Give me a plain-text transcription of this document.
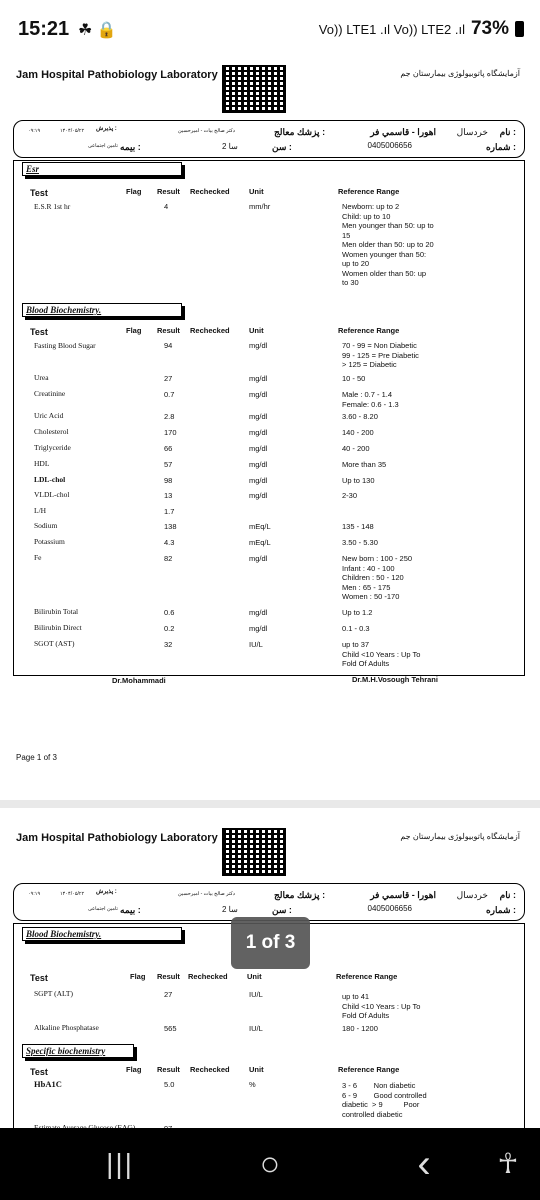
15:21 ☘ 🔒	Vo)) LTE1 .ıl Vo)) LTE2 .ıl 73%
Jam Hospital Pathobiology Laboratory	آزمایشگاه پاتوبیولوژی بیمارستان جم
نام :
خردسال
اهورا - قاسمي فر
شماره :
0405006656
پزشك معالج :
دكتر صالح بیات - امیرحسین
سن :
2 سا
پذیرش :
۱۴۰۴/۰۵/۲۲
۰۹:۱۹
بیمه :
تامین اجتماعی
Esr
Test	Flag Result Rechecked	Unit	Reference Range
E.S.R 1st hr	4	mm/hr	Newborn: up to 2
Child: up to 10
Men younger than 50: up to
15
Men older than 50: up to 20
Women younger than 50:
up to 20
Women older than 50: up
to 30
Blood Biochemistry.
Test	Flag Result Rechecked	Unit	Reference Range
Fasting Blood Sugar	94	mg/dl	70 - 99 = Non Diabetic
99 - 125 = Pre Diabetic
> 125 = Diabetic
Urea	27	mg/dl	10 - 50
Creatinine	0.7	mg/dl	Male : 0.7 - 1.4
Female: 0.6 - 1.3
Uric Acid	2.8	mg/dl	3.60 - 8.20
Cholesterol	170	mg/dl	140 - 200
Triglyceride	66	mg/dl	40 - 200
HDL	57	mg/dl	More than 35
LDL-chol	98	mg/dl	Up to 130
VLDL-chol	13	mg/dl	2-30
L/H	1.7
Sodium	138	mEq/L	135 - 148
Potassium	4.3	mEq/L	3.50 - 5.30
Fe	82	mg/dl	New born : 100 - 250
Infant : 40 - 100
Children : 50 - 120
Men : 65 - 175
Women : 50 -170
Bilirubin Total	0.6	mg/dl	Up to 1.2
Bilirubin Direct	0.2	mg/dl	0.1 - 0.3
SGOT (AST)	32	IU/L	up to 37
Child <10 Years : Up To
Fold Of Adults
Dr.Mohammadi	Dr.M.H.Vosough Tehrani
Page 1 of 3
Jam Hospital Pathobiology Laboratory	آزمایشگاه پاتوبیولوژی بیمارستان جم
نام :
خردسال
اهورا - قاسمي فر
شماره :
0405006656
پزشك معالج :
دكتر صالح بیات - امیرحسین
سن :
2 سا
پذیرش :
۱۴۰۴/۰۵/۲۲
۰۹:۱۹
بیمه :
تامین اجتماعی
Blood Biochemistry.
Test	Flag Result Rechecked	Unit	Reference Range
SGPT (ALT)	27	IU/L	up to 41
Child <10 Years : Up To
Fold Of Adults
Alkaline Phosphatase	565	IU/L	180 - 1200
Specific biochemistry
Test	Flag Result Rechecked	Unit	Reference Range
HbA1C	5.0	%	3 - 6        Non diabetic
6 - 9        Good controlled
diabetic  > 9          Poor
controlled diabetic
1 of 3
|||	○	‹	☥
